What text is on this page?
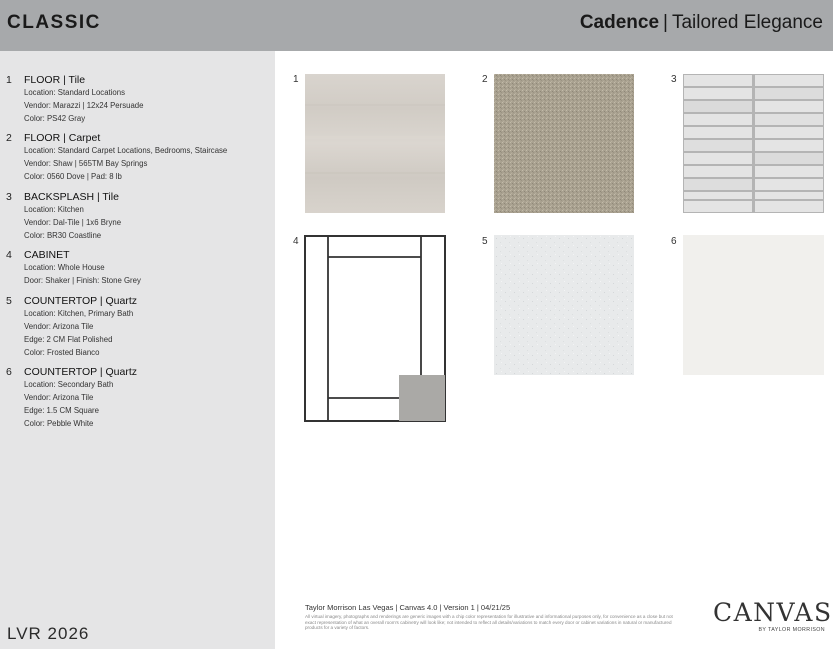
CLASSIC	Cadence | Tailored Elegance
1 FLOOR | Tile
Location: Standard Locations
Vendor: Marazzi | 12x24 Persuade
Color: PS42 Gray
2 FLOOR | Carpet
Location: Standard Carpet Locations, Bedrooms, Staircase
Vendor: Shaw | 565TM Bay Springs
Color: 0560 Dove | Pad: 8 lb
3 BACKSPLASH | Tile
Location: Kitchen
Vendor: Dal-Tile | 1x6 Bryne
Color: BR30 Coastline
4 CABINET
Location: Whole House
Door: Shaker | Finish: Stone Grey
5 COUNTERTOP | Quartz
Location: Kitchen, Primary Bath
Vendor: Arizona Tile
Edge: 2 CM Flat Polished
Color: Frosted Bianco
6 COUNTERTOP | Quartz
Location: Secondary Bath
Vendor: Arizona Tile
Edge: 1.5 CM Square
Color: Pebble White
LVR 2026
1	2	3
4	5	6
Taylor Morrison Las Vegas | Canvas 4.0 | Version 1 | 04/21/25
All virtual imagery, photographs and renderings are generic images with a chip color representation for illustrative and informational purposes only, for convenience as a close but not exact representation of what an overall room's cabinetry will look like; not intended to reflect all details/variations to match every door or cabinet variations in natural or manufactured products for a variety of factors.
CANVAS
BY TAYLOR MORRISON
